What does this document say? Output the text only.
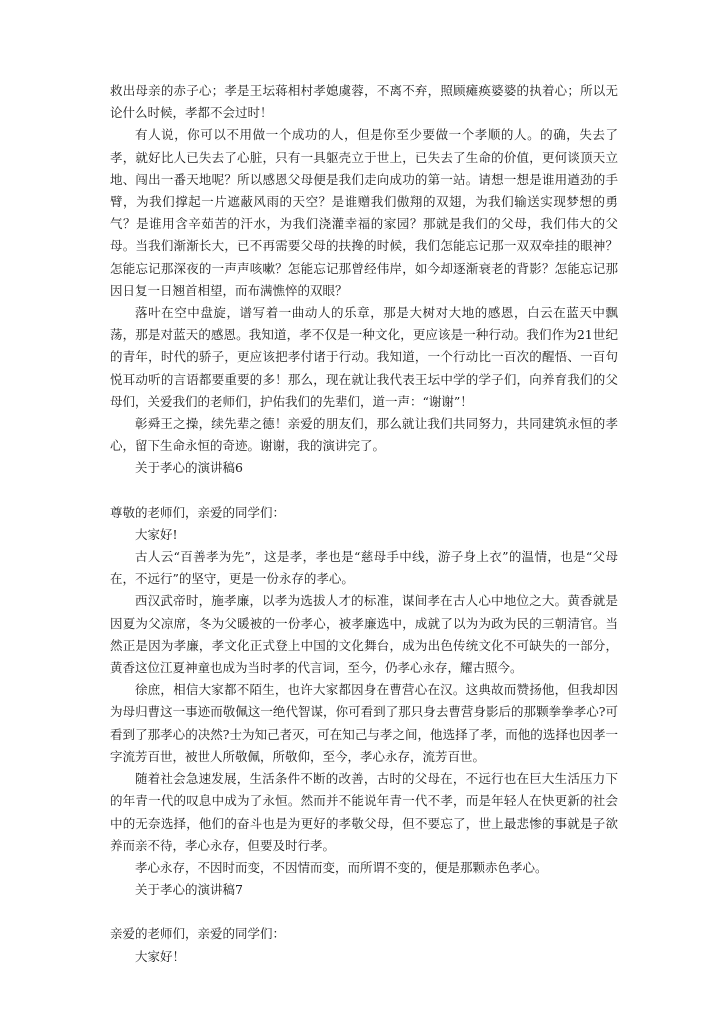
救出母亲的赤子心；孝是王坛蒋相村孝媳虞蓉，不离不弃，照顾瘫痪婆婆的执着心；所以无论什么时候，孝都不会过时！

有人说，你可以不用做一个成功的人，但是你至少要做一个孝顺的人。的确，失去了孝，就好比人已失去了心脏，只有一具躯壳立于世上，已失去了生命的价值，更何谈顶天立地、闯出一番天地呢？所以感恩父母便是我们走向成功的第一站。请想一想是谁用遒劲的手臂，为我们撑起一片遮蔽风雨的天空？是谁赠我们傲翔的双翅，为我们输送实现梦想的勇气？是谁用含辛茹苦的汗水，为我们浇灌幸福的家园？那就是我们的父母，我们伟大的父母。当我们渐渐长大，已不再需要父母的扶搀的时候，我们怎能忘记那一双双牵挂的眼神？怎能忘记那深夜的一声声咳嗽？怎能忘记那曾经伟岸，如今却逐渐衰老的背影？怎能忘记那因日复一日翘首相望，而布满憔悴的双眼？

落叶在空中盘旋，谱写着一曲动人的乐章，那是大树对大地的感恩，白云在蓝天中飘荡，那是对蓝天的感恩。我知道，孝不仅是一种文化，更应该是一种行动。我们作为21世纪的青年，时代的骄子，更应该把孝付诸于行动。我知道，一个行动比一百次的醒悟、一百句悦耳动听的言语都要重要的多！那么，现在就让我代表王坛中学的学子们，向养育我们的父母们，关爱我们的老师们，护佑我们的先辈们，道一声：“谢谢”！

彰舜王之操，续先辈之德！亲爱的朋友们，那么就让我们共同努力，共同建筑永恒的孝心，留下生命永恒的奇迹。谢谢，我的演讲完了。

关于孝心的演讲稿6

尊敬的老师们，亲爱的同学们：

大家好!

古人云“百善孝为先”，这是孝，孝也是“慈母手中线，游子身上衣”的温情，也是“父母在，不远行”的坚守，更是一份永存的孝心。

西汉武帝时，施孝廉，以孝为选拔人才的标准，谋间孝在古人心中地位之大。黄香就是因夏为父凉席，冬为父暖被的一份孝心，被孝廉选中，成就了以为为政为民的三朝清官。当然正是因为孝廉，孝文化正式登上中国的文化舞台，成为出色传统文化不可缺失的一部分，黄香这位江夏神童也成为当时孝的代言词，至今，仍孝心永存，耀古照今。

徐庶，相信大家都不陌生，也许大家都因身在曹营心在汉。这典故而赞扬他，但我却因为母归曹这一事迹而敬佩这一绝代智谋，你可看到了那只身去曹营身影后的那颗拳拳孝心?可看到了那孝心的决然?士为知己者灭，可在知己与孝之间，他选择了孝，而他的选择也因孝一字流芳百世，被世人所敬佩，所敬仰，至今，孝心永存，流芳百世。

随着社会急速发展，生活条件不断的改善，古时的父母在，不远行也在巨大生活压力下的年青一代的叹息中成为了永恒。然而并不能说年青一代不孝，而是年轻人在快更新的社会中的无奈选择，他们的奋斗也是为更好的孝敬父母，但不要忘了，世上最悲惨的事就是子欲养而亲不待，孝心永存，但要及时行孝。

孝心永存，不因时而变，不因情而变，而所谓不变的，便是那颗赤色孝心。

关于孝心的演讲稿7

亲爱的老师们，亲爱的同学们：

大家好！
